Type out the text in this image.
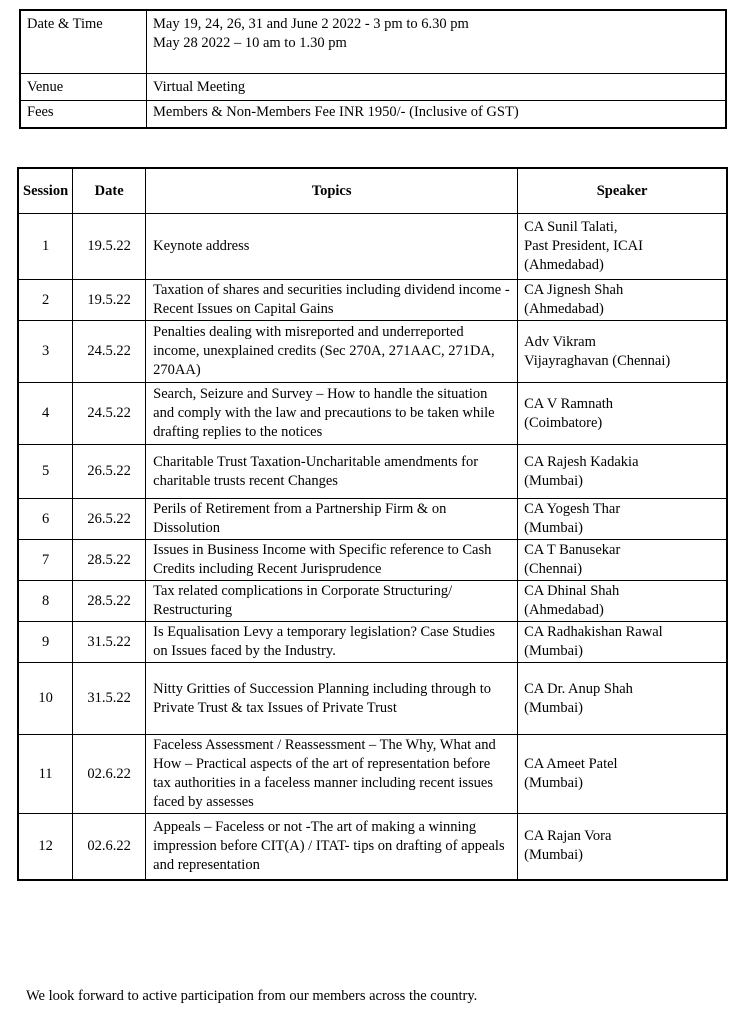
Date & Time	May 19, 24, 26, 31 and June 2 2022 - 3 pm to 6.30 pm
May 28 2022 – 10 am to 1.30 pm

Venue	Virtual Meeting
Fees	Members & Non-Members Fee INR 1950/- (Inclusive of GST)
Session	Date	Topics	Speaker
1	19.5.22	Keynote address	CA Sunil Talati,
Past President, ICAI
(Ahmedabad)

2	19.5.22	Taxation of shares and securities including dividend income - Recent Issues on Capital Gains	CA Jignesh Shah
(Ahmedabad)

3	24.5.22	Penalties dealing with misreported and underreported income, unexplained credits (Sec 270A, 271AAC, 271DA, 270AA)	Adv Vikram
Vijayraghavan (Chennai)

4	24.5.22	Search, Seizure and Survey – How to handle the situation and comply with the law and precautions to be taken while drafting replies to the notices	CA V Ramnath
(Coimbatore)

5	26.5.22	Charitable Trust Taxation-Uncharitable amendments for charitable trusts recent Changes	CA Rajesh Kadakia
(Mumbai)

6	26.5.22	Perils of Retirement from a Partnership Firm & on Dissolution	CA Yogesh Thar
(Mumbai)

7	28.5.22	Issues in Business Income with Specific reference to Cash Credits including Recent Jurisprudence	CA T Banusekar
(Chennai)

8	28.5.22	Tax related complications in Corporate Structuring/ Restructuring	CA Dhinal Shah
(Ahmedabad)

9	31.5.22	Is Equalisation Levy a temporary legislation? Case Studies on Issues faced by the Industry.	CA Radhakishan Rawal
(Mumbai)

10	31.5.22	Nitty Gritties of Succession Planning including through to Private Trust & tax Issues of Private Trust	CA Dr. Anup Shah
(Mumbai)

11	02.6.22	Faceless Assessment / Reassessment – The Why, What and How – Practical aspects of the art of representation before tax authorities in a faceless manner including recent issues faced by assesses	CA Ameet Patel
(Mumbai)

12	02.6.22	Appeals – Faceless or not -The art of making a winning impression before CIT(A) / ITAT- tips on drafting of appeals and representation	CA Rajan Vora
(Mumbai)

We look forward to active participation from our members across the country.
